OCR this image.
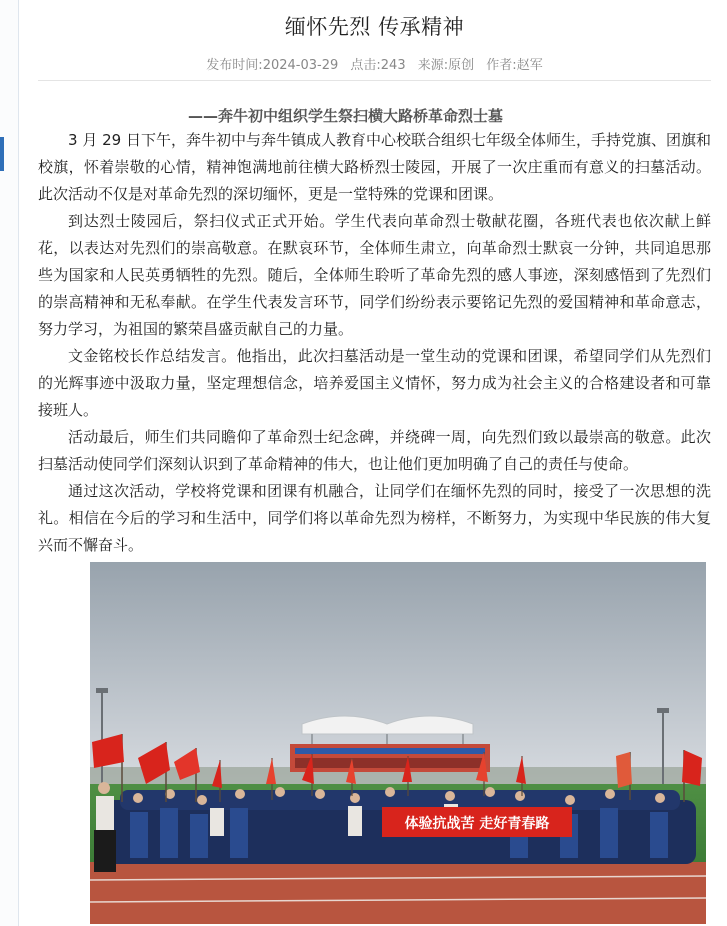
缅怀先烈 传承精神
发布时间:2024-03-29 点击:243 来源:原创 作者:赵军
——奔牛初中组织学生祭扫横大路桥革命烈士墓

3 月 29 日下午，奔牛初中与奔牛镇成人教育中心校联合组织七年级全体师生，手持党旗、团旗和校旗，怀着崇敬的心情，精神饱满地前往横大路桥烈士陵园，开展了一次庄重而有意义的扫墓活动。此次活动不仅是对革命先烈的深切缅怀，更是一堂特殊的党课和团课。

到达烈士陵园后，祭扫仪式正式开始。学生代表向革命烈士敬献花圈，各班代表也依次献上鲜花，以表达对先烈们的崇高敬意。在默哀环节，全体师生肃立，向革命烈士默哀一分钟，共同追思那些为国家和人民英勇牺牲的先烈。随后，全体师生聆听了革命先烈的感人事迹，深刻感悟到了先烈们的崇高精神和无私奉献。在学生代表发言环节，同学们纷纷表示要铭记先烈的爱国精神和革命意志，努力学习，为祖国的繁荣昌盛贡献自己的力量。

文金铭校长作总结发言。他指出，此次扫墓活动是一堂生动的党课和团课，希望同学们从先烈们的光辉事迹中汲取力量，坚定理想信念，培养爱国主义情怀，努力成为社会主义的合格建设者和可靠接班人。

活动最后，师生们共同瞻仰了革命烈士纪念碑，并绕碑一周，向先烈们致以最崇高的敬意。此次扫墓活动使同学们深刻认识到了革命精神的伟大，也让他们更加明确了自己的责任与使命。

通过这次活动，学校将党课和团课有机融合，让同学们在缅怀先烈的同时，接受了一次思想的洗礼。相信在今后的学习和生活中，同学们将以革命先烈为榜样，不断努力，为实现中华民族的伟大复兴而不懈奋斗。

体验抗战苦 走好青春路
